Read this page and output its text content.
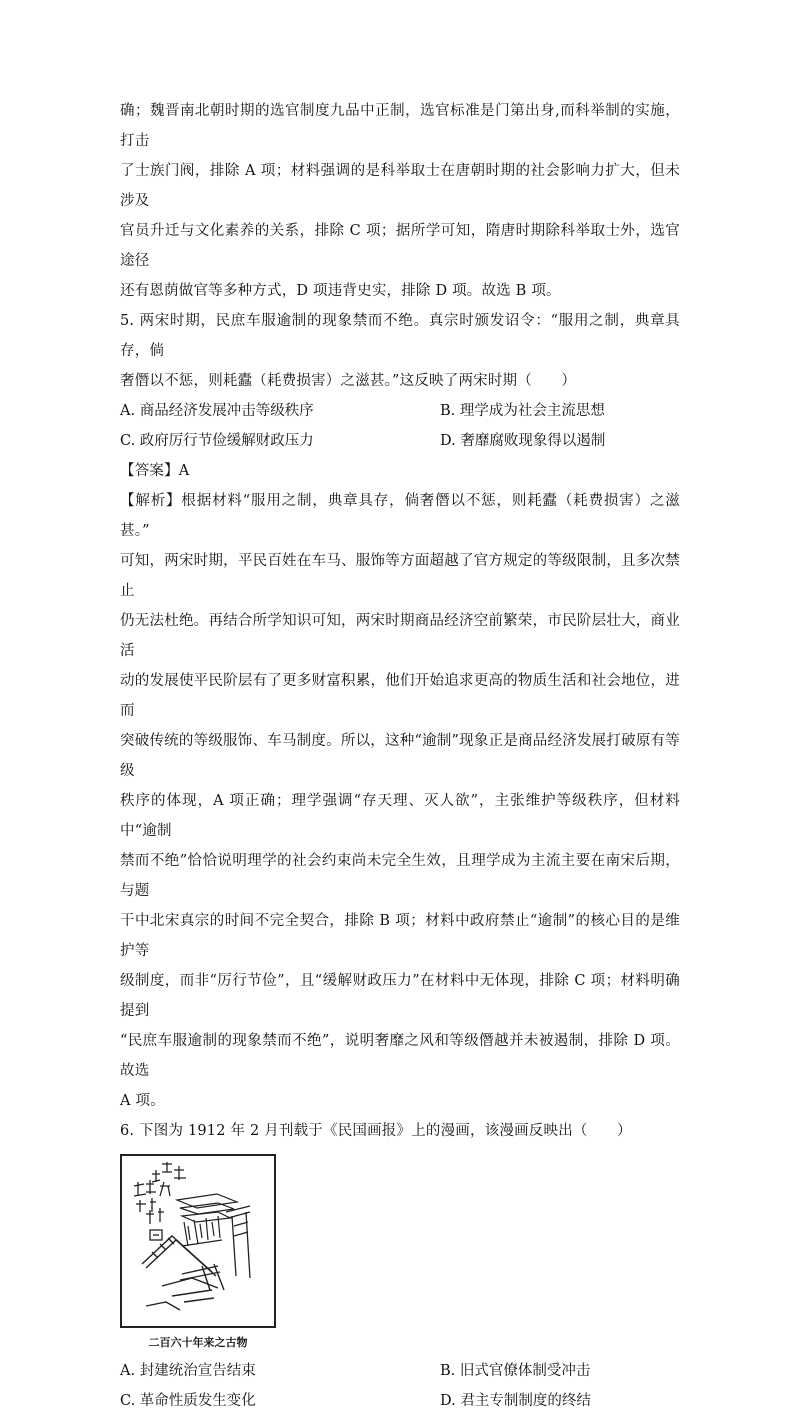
确；魏晋南北朝时期的选官制度九品中正制，选官标准是门第出身,而科举制的实施，打击

了士族门阀，排除 A 项；材料强调的是科举取士在唐朝时期的社会影响力扩大，但未涉及

官员升迁与文化素养的关系，排除 C 项；据所学可知，隋唐时期除科举取士外，选官途径

还有恩荫做官等多种方式，D 项违背史实，排除 D 项。故选 B 项。

5. 两宋时期，民庶车服逾制的现象禁而不绝。真宗时颁发诏令：“服用之制，典章具存，倘

奢僭以不惩，则耗蠹（耗费损害）之滋甚。”这反映了两宋时期（　　）

A. 商品经济发展冲击等级秩序	B. 理学成为社会主流思想
C. 政府厉行节俭缓解财政压力	D. 奢靡腐败现象得以遏制

【答案】A

【解析】根据材料“服用之制，典章具存，倘奢僭以不惩，则耗蠹（耗费损害）之滋甚。”

可知，两宋时期，平民百姓在车马、服饰等方面超越了官方规定的等级限制，且多次禁止

仍无法杜绝。再结合所学知识可知，两宋时期商品经济空前繁荣，市民阶层壮大，商业活

动的发展使平民阶层有了更多财富积累，他们开始追求更高的物质生活和社会地位，进而

突破传统的等级服饰、车马制度。所以，这种“逾制”现象正是商品经济发展打破原有等级

秩序的体现，A 项正确；理学强调“存天理、灭人欲”，主张维护等级秩序，但材料中“逾制

禁而不绝”恰恰说明理学的社会约束尚未完全生效，且理学成为主流主要在南宋后期，与题

干中北宋真宗的时间不完全契合，排除 B 项；材料中政府禁止“逾制”的核心目的是维护等

级制度，而非“厉行节俭”，且“缓解财政压力”在材料中无体现，排除 C 项；材料明确提到

“民庶车服逾制的现象禁而不绝”，说明奢靡之风和等级僭越并未被遏制，排除 D 项。故选

A 项。

6. 下图为 1912 年 2 月刊载于《民国画报》上的漫画，该漫画反映出（　　）

二百六十年来之古物
A. 封建统治宣告结束	B. 旧式官僚体制受冲击
C. 革命性质发生变化	D. 君主专制制度的终结
